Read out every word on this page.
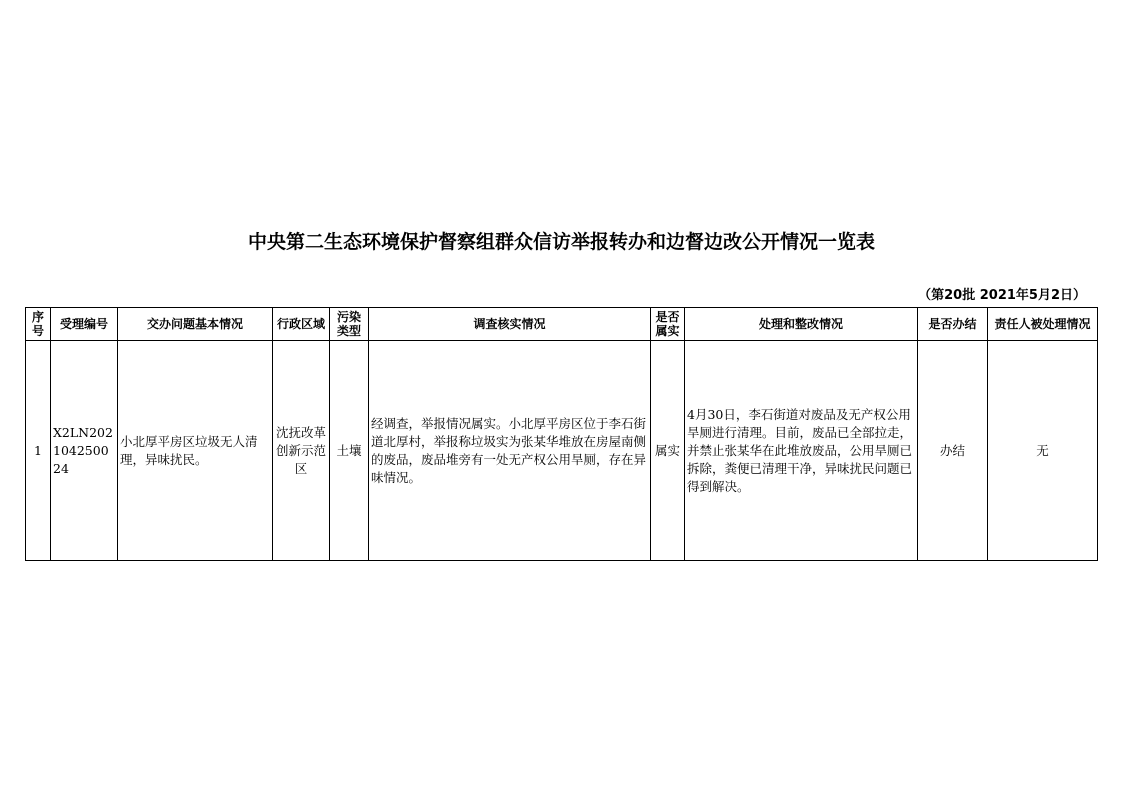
中央第二生态环境保护督察组群众信访举报转办和边督边改公开情况一览表
（第20批 2021年5月2日）
序号	受理编号	交办问题基本情况	行政区域	污染类型	调查核实情况	是否属实	处理和整改情况	是否办结	责任人被处理情况
1	X2LN202104250024	小北厚平房区垃圾无人清理，异味扰民。	沈抚改革创新示范区	土壤	经调查，举报情况属实。小北厚平房区位于李石街道北厚村，举报称垃圾实为张某华堆放在房屋南侧的废品，废品堆旁有一处无产权公用旱厕，存在异味情况。	属实	4月30日，李石街道对废品及无产权公用旱厕进行清理。目前，废品已全部拉走，并禁止张某华在此堆放废品，公用旱厕已拆除，粪便已清理干净，异味扰民问题已得到解决。	办结	无
